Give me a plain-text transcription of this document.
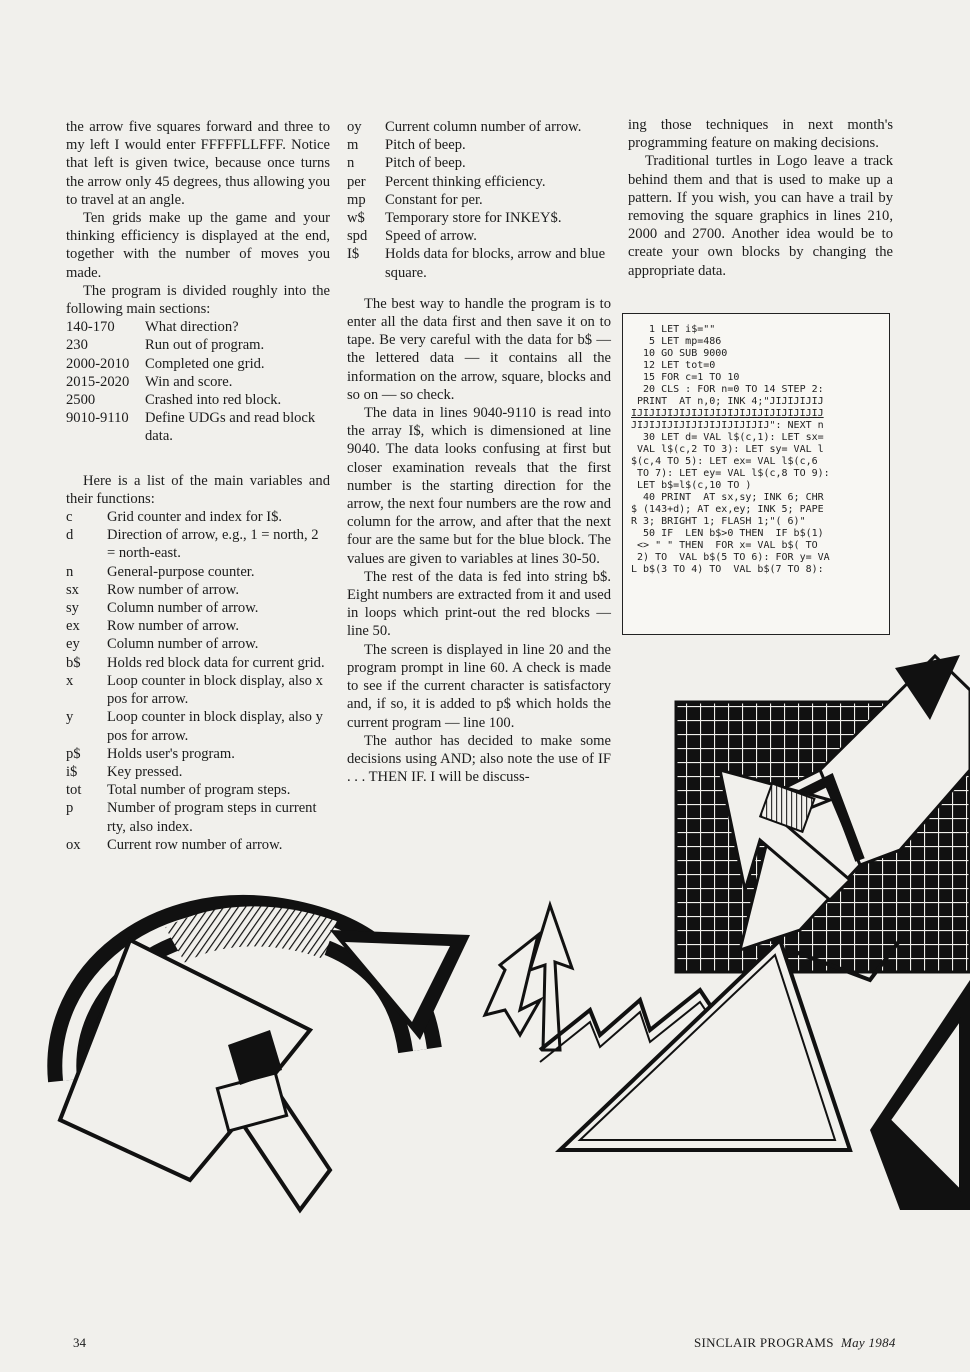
the arrow five squares forward and three to my left I would enter FFFFFLLFFF. Notice that left is given twice, because once turns the arrow only 45 degrees, thus allowing you to travel at an angle.

Ten grids make up the game and your thinking efficiency is displayed at the end, together with the number of moves you made.

The program is divided roughly into the following main sections:

140-170	What direction?
230	Run out of program.
2000-2010	Completed one grid.
2015-2020	Win and score.
2500	Crashed into red block.
9010-9110	Define UDGs and read block data.

Here is a list of the main variables and their functions:

c	Grid counter and index for I$.
d	Direction of arrow, e.g., 1 = north, 2 = north-east.
n	General-purpose counter.
sx	Row number of arrow.
sy	Column number of arrow.
ex	Row number of arrow.
ey	Column number of arrow.
b$	Holds red block data for current grid.
x	Loop counter in block display, also x pos for arrow.
y	Loop counter in block display, also y pos for arrow.
p$	Holds user's program.
i$	Key pressed.
tot	Total number of program steps.
p	Number of program steps in current rty, also index.
ox	Current row number of arrow.
oy	Current column number of arrow.
m	Pitch of beep.
n	Pitch of beep.
per	Percent thinking efficiency.
mp	Constant for per.
w$	Temporary store for INKEY$.
spd	Speed of arrow.
I$	Holds data for blocks, arrow and blue square.

The best way to handle the program is to enter all the data first and then save it on to tape. Be very careful with the data for b$ — the lettered data — it contains all the information on the arrow, square, blocks and so on — so check.

The data in lines 9040-9110 is read into the array I$, which is dimensioned at line 9040. The data looks confusing at first but closer examination reveals that the first number is the starting direction for the arrow, the next four numbers are the row and column for the arrow, and after that the next four are the same but for the blue block. The values are given to variables at lines 30-50.

The rest of the data is fed into string b$. Eight numbers are extracted from it and used in loops which print-out the red blocks — line 50.

The screen is displayed in line 20 and the program prompt in line 60. A check is made to see if the current character is satisfactory and, if so, it is added to p$ which holds the current program — line 100.

The author has decided to make some decisions using AND; also note the use of IF . . . THEN IF. I will be discuss-

ing those techniques in next month's programming feature on making decisions.

Traditional turtles in Logo leave a track behind them and that is used to make up a pattern. If you wish, you can have a trail by removing the square graphics in lines 210, 2000 and 2700. Another idea would be to create your own blocks by changing the appropriate data.

1 LET i$=""
5 LET mp=486
10 GO SUB 9000
12 LET tot=0
15 FOR c=1 TO 10
20 CLS : FOR n=0 TO 14 STEP 2:
PRINT  AT n,0; INK 4;"JIJIJIJIJ
IJIJIJIJIJIJIJIJIJIJIJIJIJIJIJIJ
JIJIJIJIJIJIJIJIJIJIJIJ": NEXT n
30 LET d= VAL l$(c,1): LET sx=
VAL l$(c,2 TO 3): LET sy= VAL l
$(c,4 TO 5): LET ex= VAL l$(c,6
TO 7): LET ey= VAL l$(c,8 TO 9):
LET b$=l$(c,10 TO )
40 PRINT  AT sx,sy; INK 6; CHR
$ (143+d); AT ex,ey; INK 5; PAPE
R 3; BRIGHT 1; FLASH 1;"( 6)"
50 IF  LEN b$>0 THEN  IF b$(1)
<> " " THEN  FOR x= VAL b$( TO
2) TO  VAL b$(5 TO 6): FOR y= VA
L b$(3 TO 4) TO  VAL b$(7 TO 8):
34	SINCLAIR PROGRAMS May 1984
